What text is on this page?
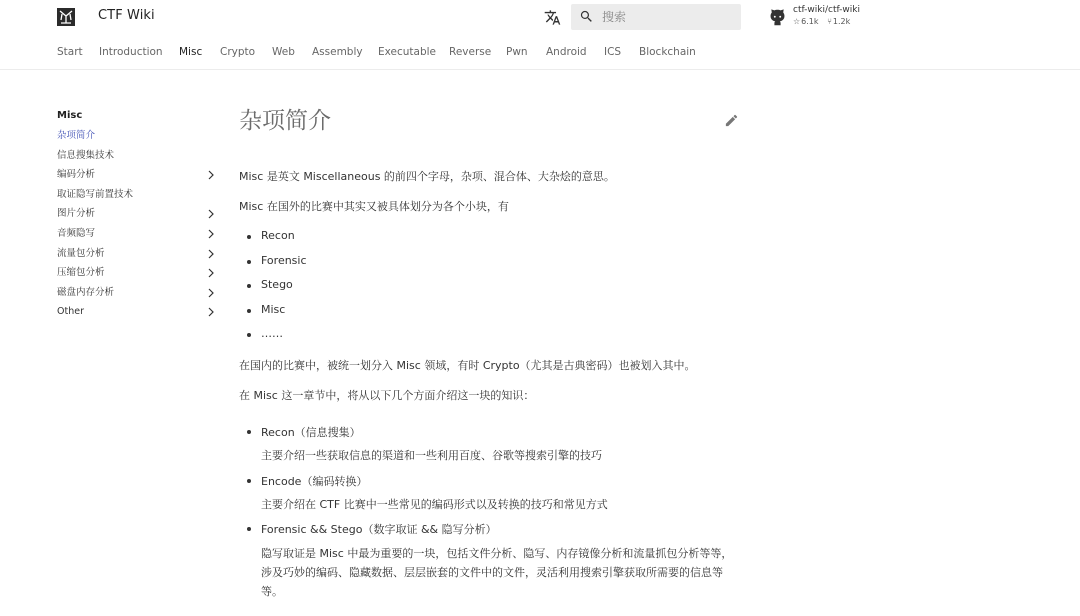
CTF Wiki
搜索	ctf-wiki/ctf-wiki
☆6.1k ⑂1.2k
Start Introduction Misc Crypto Web Assembly Executable Reverse Pwn Android ICS Blockchain
Misc
杂项简介
信息搜集技术
编码分析
取证隐写前置技术
图片分析
音频隐写
流量包分析
压缩包分析
磁盘内存分析
Other
杂项简介
Misc 是英文 Miscellaneous 的前四个字母，杂项、混合体、大杂烩的意思。
Misc 在国外的比赛中其实又被具体划分为各个小块，有
Recon
Forensic
Stego
Misc
……
在国内的比赛中，被统一划分入 Misc 领域，有时 Crypto（尤其是古典密码）也被划入其中。
在 Misc 这一章节中，将从以下几个方面介绍这一块的知识：
Recon（信息搜集）
主要介绍一些获取信息的渠道和一些利用百度、谷歌等搜索引擎的技巧
Encode（编码转换）
主要介绍在 CTF 比赛中一些常见的编码形式以及转换的技巧和常见方式
Forensic && Stego（数字取证 && 隐写分析）
隐写取证是 Misc 中最为重要的一块，包括文件分析、隐写、内存镜像分析和流量抓包分析等等，涉及巧妙的编码、隐藏数据、层层嵌套的文件中的文件，灵活利用搜索引擎获取所需要的信息等等。
